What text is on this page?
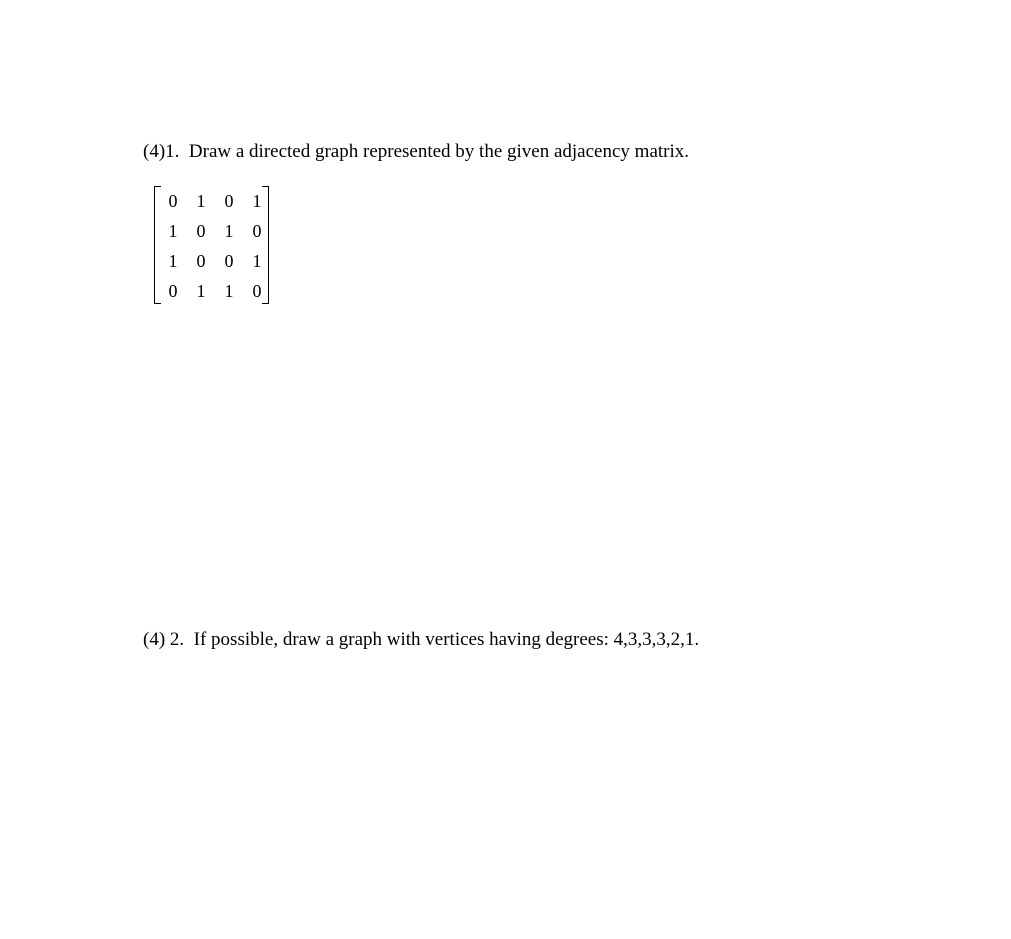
(4)1. Draw a directed graph represented by the given adjacency matrix.

0	1	0	1
1	0	1	0
1	0	0	1
0	1	1	0

(4) 2. If possible, draw a graph with vertices having degrees: 4,3,3,3,2,1.
